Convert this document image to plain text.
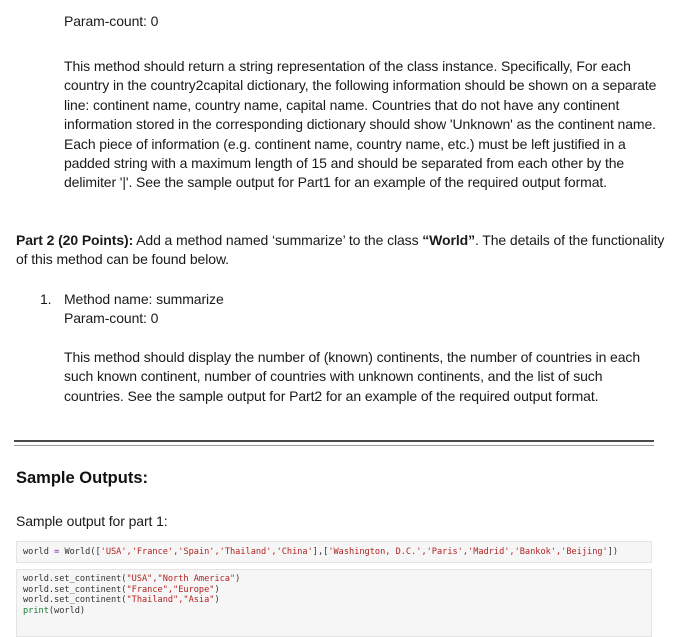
Param-count: 0

This method should return a string representation of the class instance. Specifically, For each country in the country2capital dictionary, the following information should be shown on a separate line: continent name, country name, capital name. Countries that do not have any continent information stored in the corresponding dictionary should show 'Unknown' as the continent name. Each piece of information (e.g. continent name, country name, etc.) must be left justified in a padded string with a maximum length of 15 and should be separated from each other by the delimiter '|'. See the sample output for Part1 for an example of the required output format.

Part 2 (20 Points): Add a method named ‘summarize’ to the class “World”. The details of the functionality of this method can be found below.

1. Method name: summarize
Param-count: 0

This method should display the number of (known) continents, the number of countries in each such known continent, number of countries with unknown continents, and the list of such countries. See the sample output for Part2 for an example of the required output format.

Sample Outputs:
Sample output for part 1:
world = World(['USA','France','Spain','Thailand','China'],['Washington, D.C.','Paris','Madrid','Bankok','Beijing'])
world.set_continent("USA","North America")
world.set_continent("France","Europe")
world.set_continent("Thailand","Asia")
print(world)
